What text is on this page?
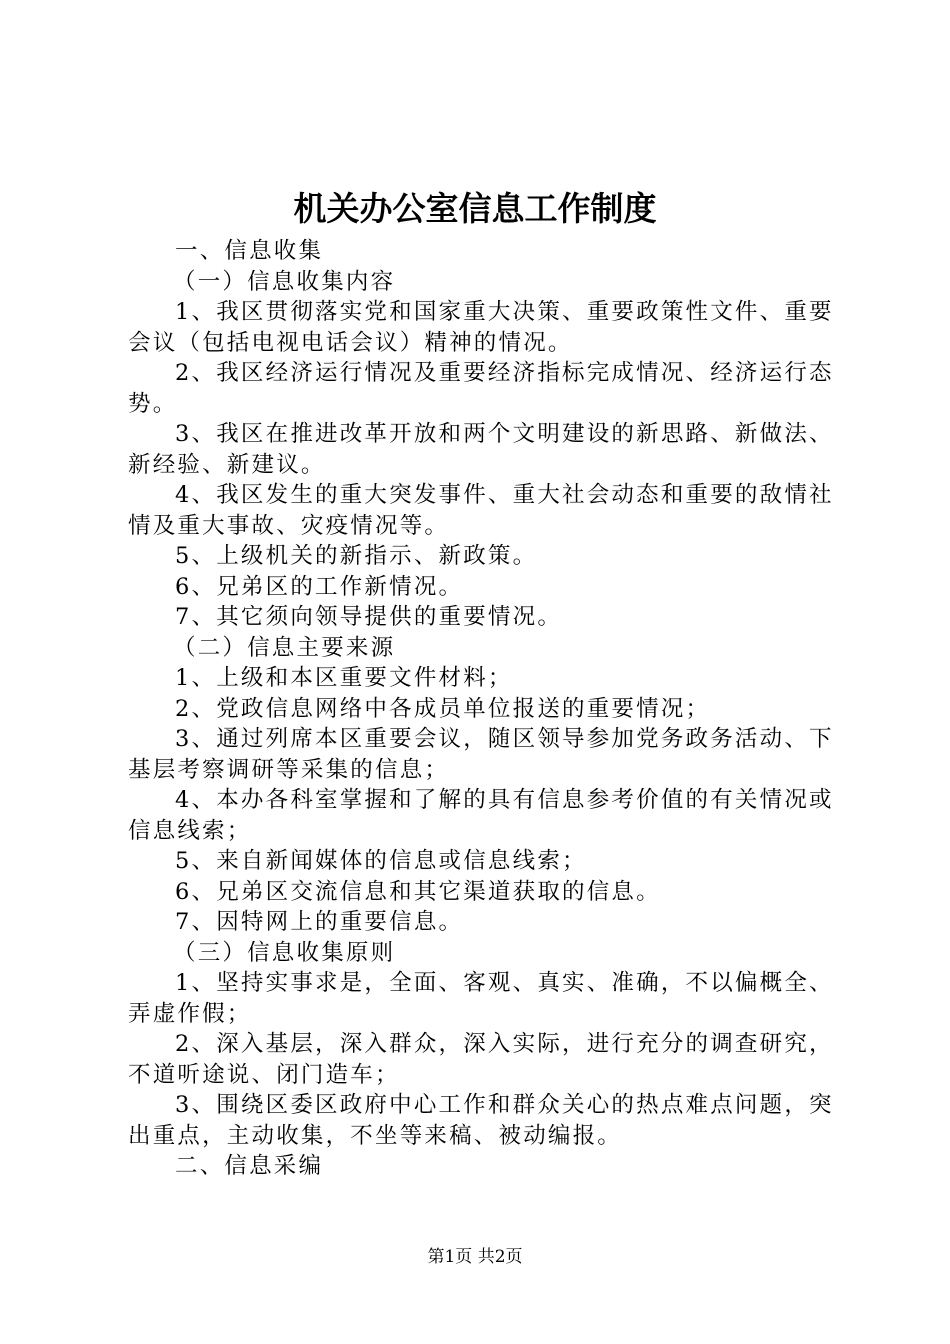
机关办公室信息工作制度

一、信息收集

（一）信息收集内容

1、我区贯彻落实党和国家重大决策、重要政策性文件、重要会议（包括电视电话会议）精神的情况。

2、我区经济运行情况及重要经济指标完成情况、经济运行态势。

3、我区在推进改革开放和两个文明建设的新思路、新做法、新经验、新建议。

4、我区发生的重大突发事件、重大社会动态和重要的敌情社情及重大事故、灾疫情况等。

5、上级机关的新指示、新政策。

6、兄弟区的工作新情况。

7、其它须向领导提供的重要情况。

（二）信息主要来源

1、上级和本区重要文件材料；

2、党政信息网络中各成员单位报送的重要情况；

3、通过列席本区重要会议，随区领导参加党务政务活动、下基层考察调研等采集的信息；

4、本办各科室掌握和了解的具有信息参考价值的有关情况或信息线索；

5、来自新闻媒体的信息或信息线索；

6、兄弟区交流信息和其它渠道获取的信息。

7、因特网上的重要信息。

（三）信息收集原则

1、坚持实事求是，全面、客观、真实、准确，不以偏概全、弄虚作假；

2、深入基层，深入群众，深入实际，进行充分的调查研究，不道听途说、闭门造车；

3、围绕区委区政府中心工作和群众关心的热点难点问题，突出重点，主动收集，不坐等来稿、被动编报。

二、信息采编

第1页 共2页
